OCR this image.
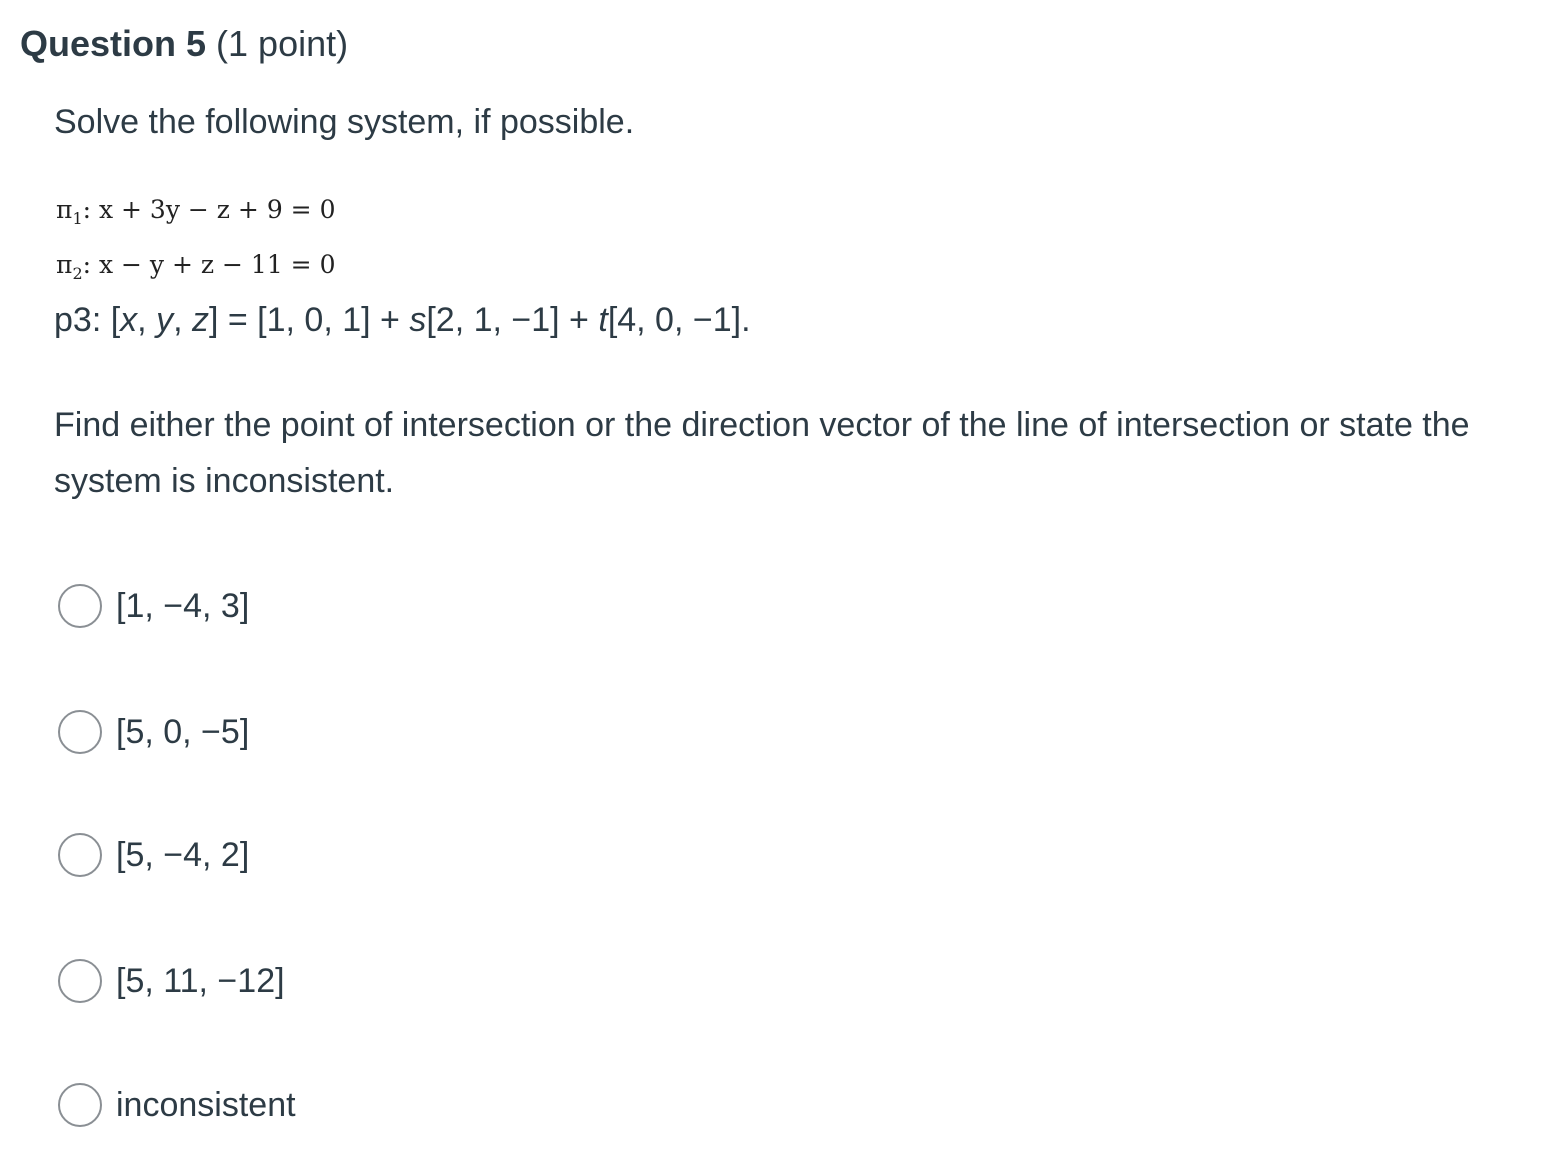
Question 5 (1 point)
Solve the following system, if possible.
$\pi_1$: x + 3y − z + 9 = 0
$\pi_2$: x − y + z − 11 = 0
p3: [x, y, z] = [1, 0, 1] + s[2, 1, −1] + t[4, 0, −1].
Find either the point of intersection or the direction vector of the line of intersection or state the system is inconsistent.
[1, −4, 3]
[5, 0, −5]
[5, −4, 2]
[5, 11, −12]
inconsistent
